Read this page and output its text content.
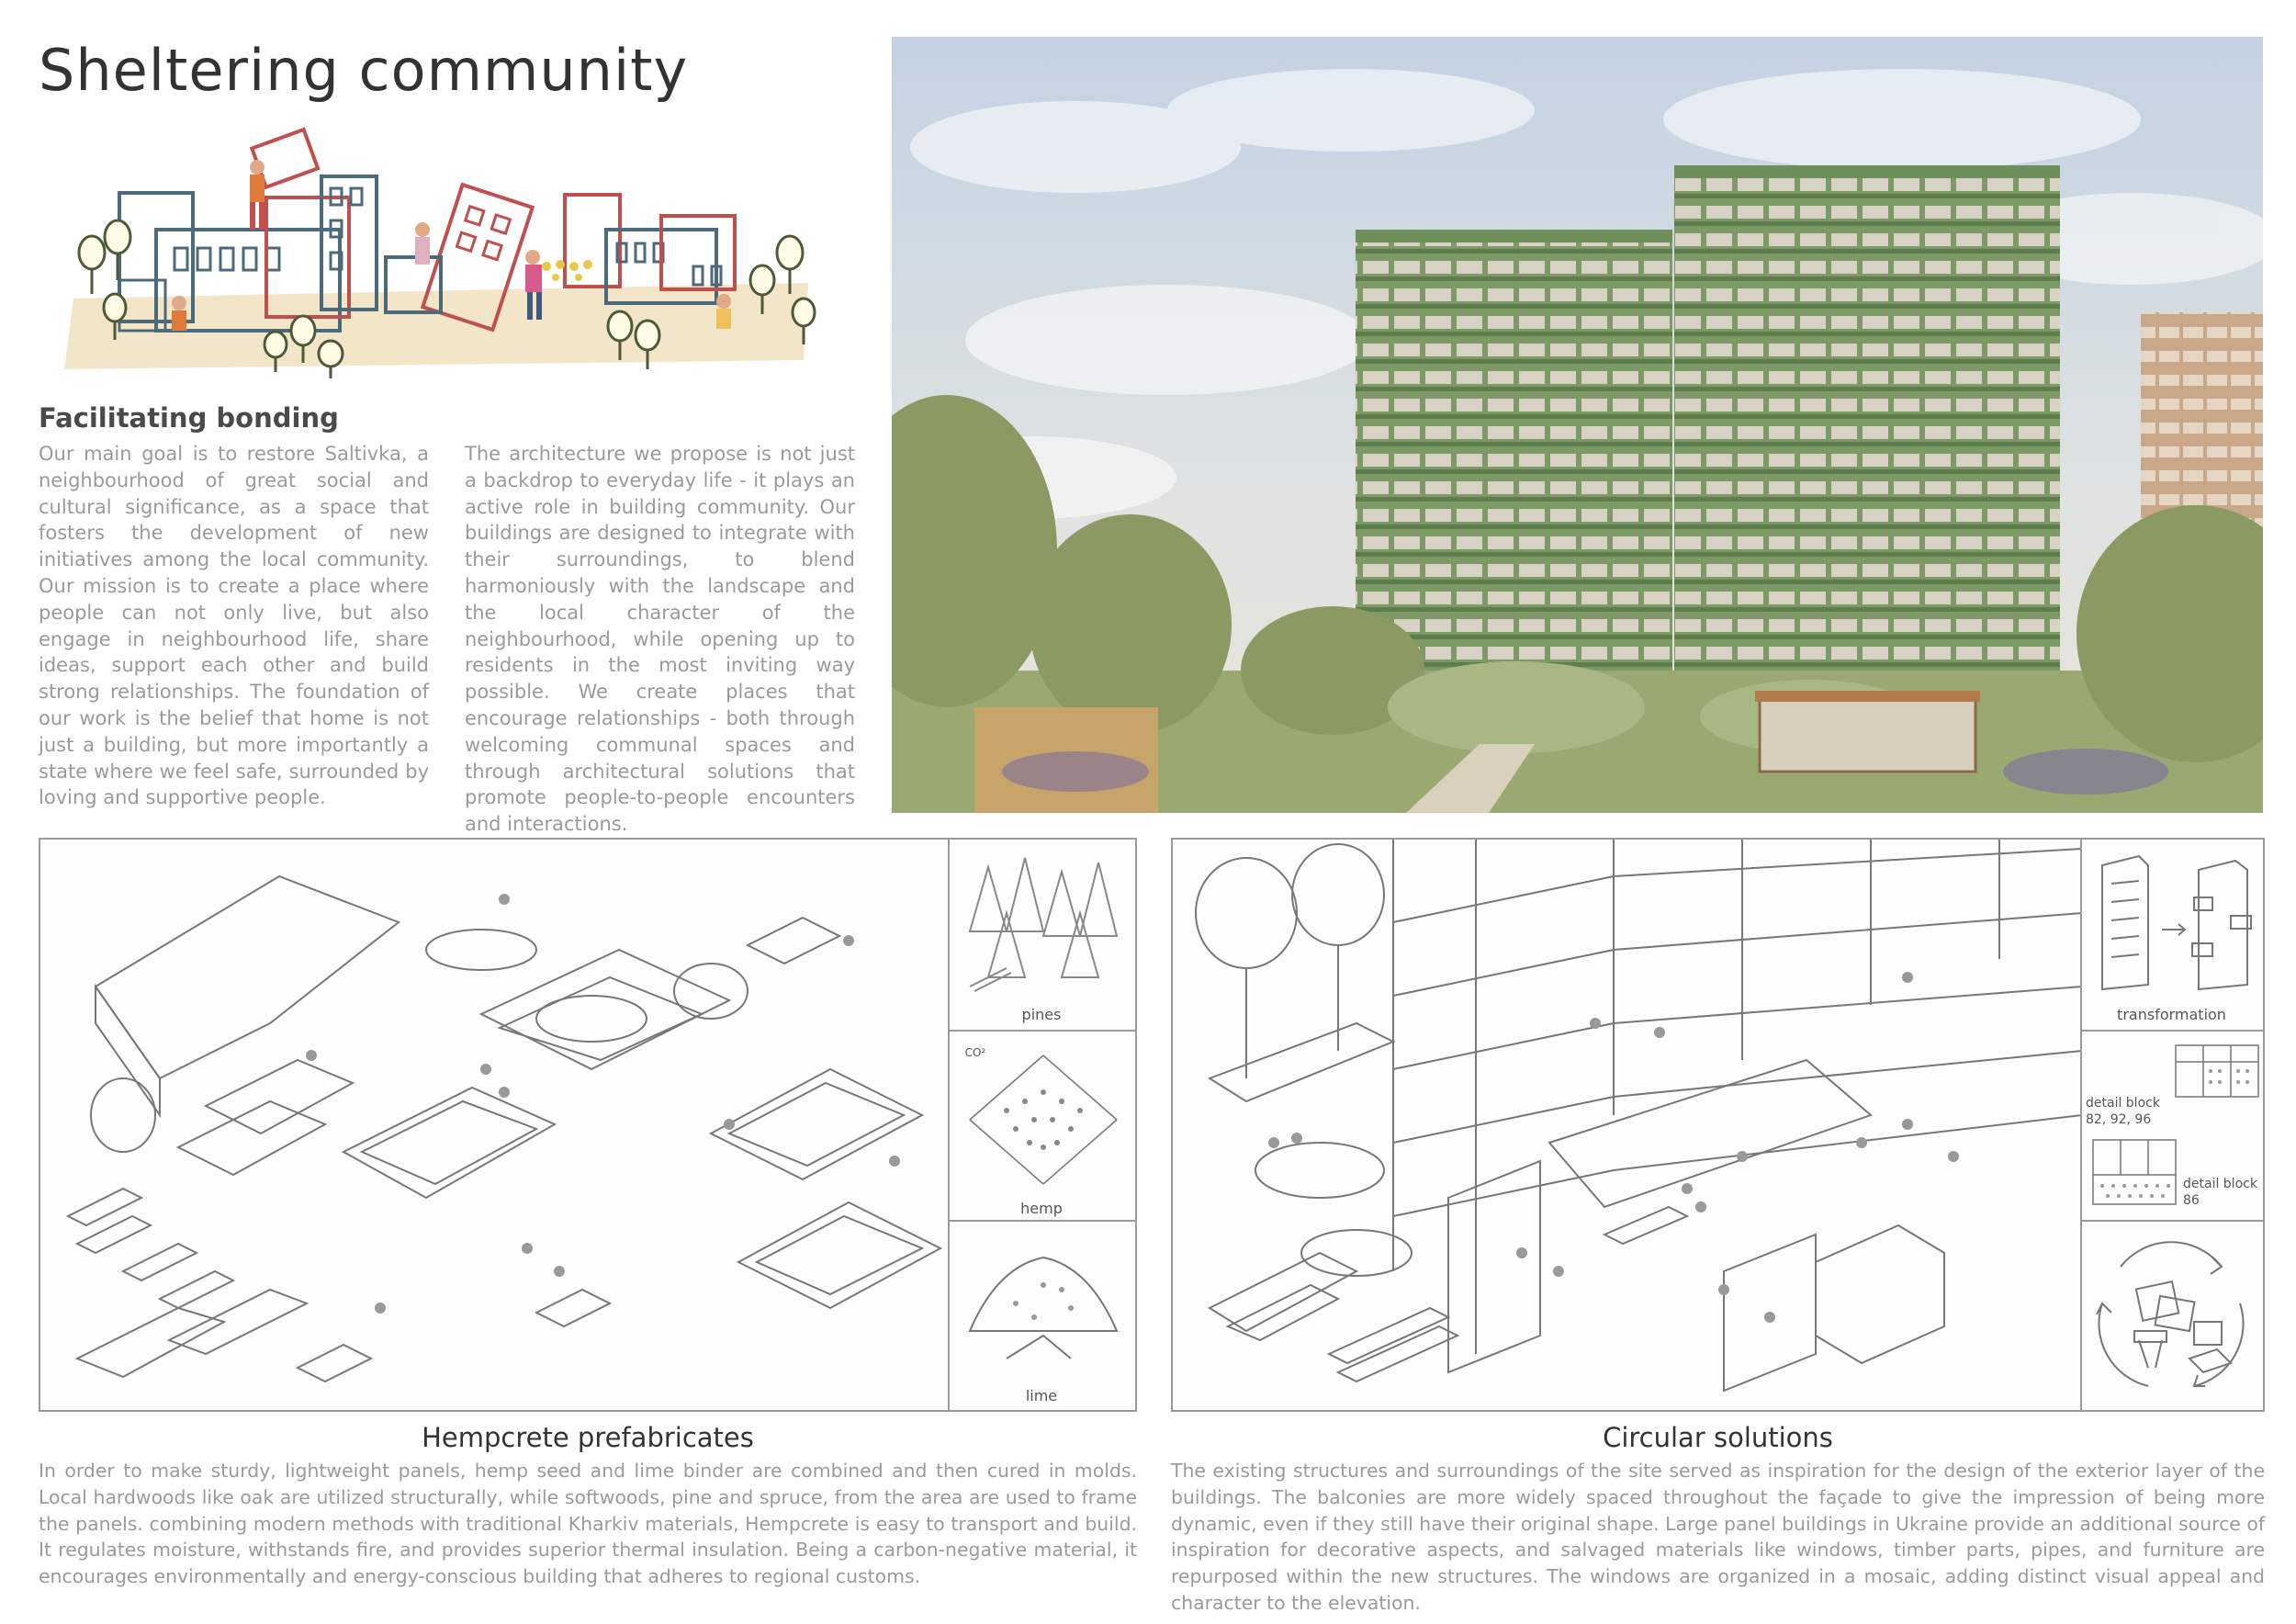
Sheltering community
Facilitating bonding

Our main goal is to restore Saltivka, a neighbourhood of great social and cultural significance, as a space that fosters the development of new initiatives among the local community. Our mission is to create a place where people can not only live, but also engage in neighbourhood life, share ideas, support each other and build strong relationships. The foundation of our work is the belief that home is not just a building, but more importantly a state where we feel safe, surrounded by loving and supportive people.

The architecture we propose is not just a backdrop to everyday life - it plays an active role in building community. Our buildings are designed to integrate with their surroundings, to blend harmoniously with the landscape and the local character of the neighbourhood, while opening up to residents in the most inviting way possible. We create places that encourage relationships - both through welcoming communal spaces and through architectural solutions that promote people-to-people encounters and interactions.

pines
CO²
hemp
lime
Hempcrete prefabricates

In order to make sturdy, lightweight panels, hemp seed and lime binder are combined and then cured in molds. Local hardwoods like oak are utilized structurally, while softwoods, pine and spruce, from the area are used to frame the panels. combining modern methods with traditional Kharkiv materials, Hempcrete is easy to transport and build. It regulates moisture, withstands fire, and provides superior thermal insulation. Being a carbon-negative material, it encourages environmentally and energy-conscious building that adheres to regional customs.

transformation
detail block
82, 92, 96
detail block
86
Circular solutions

The existing structures and surroundings of the site served as inspiration for the design of the exterior layer of the buildings. The balconies are more widely spaced throughout the façade to give the impression of being more dynamic, even if they still have their original shape. Large panel buildings in Ukraine provide an additional source of inspiration for decorative aspects, and salvaged materials like windows, timber parts, pipes, and furniture are repurposed within the new structures. The windows are organized in a mosaic, adding distinct visual appeal and character to the elevation.
